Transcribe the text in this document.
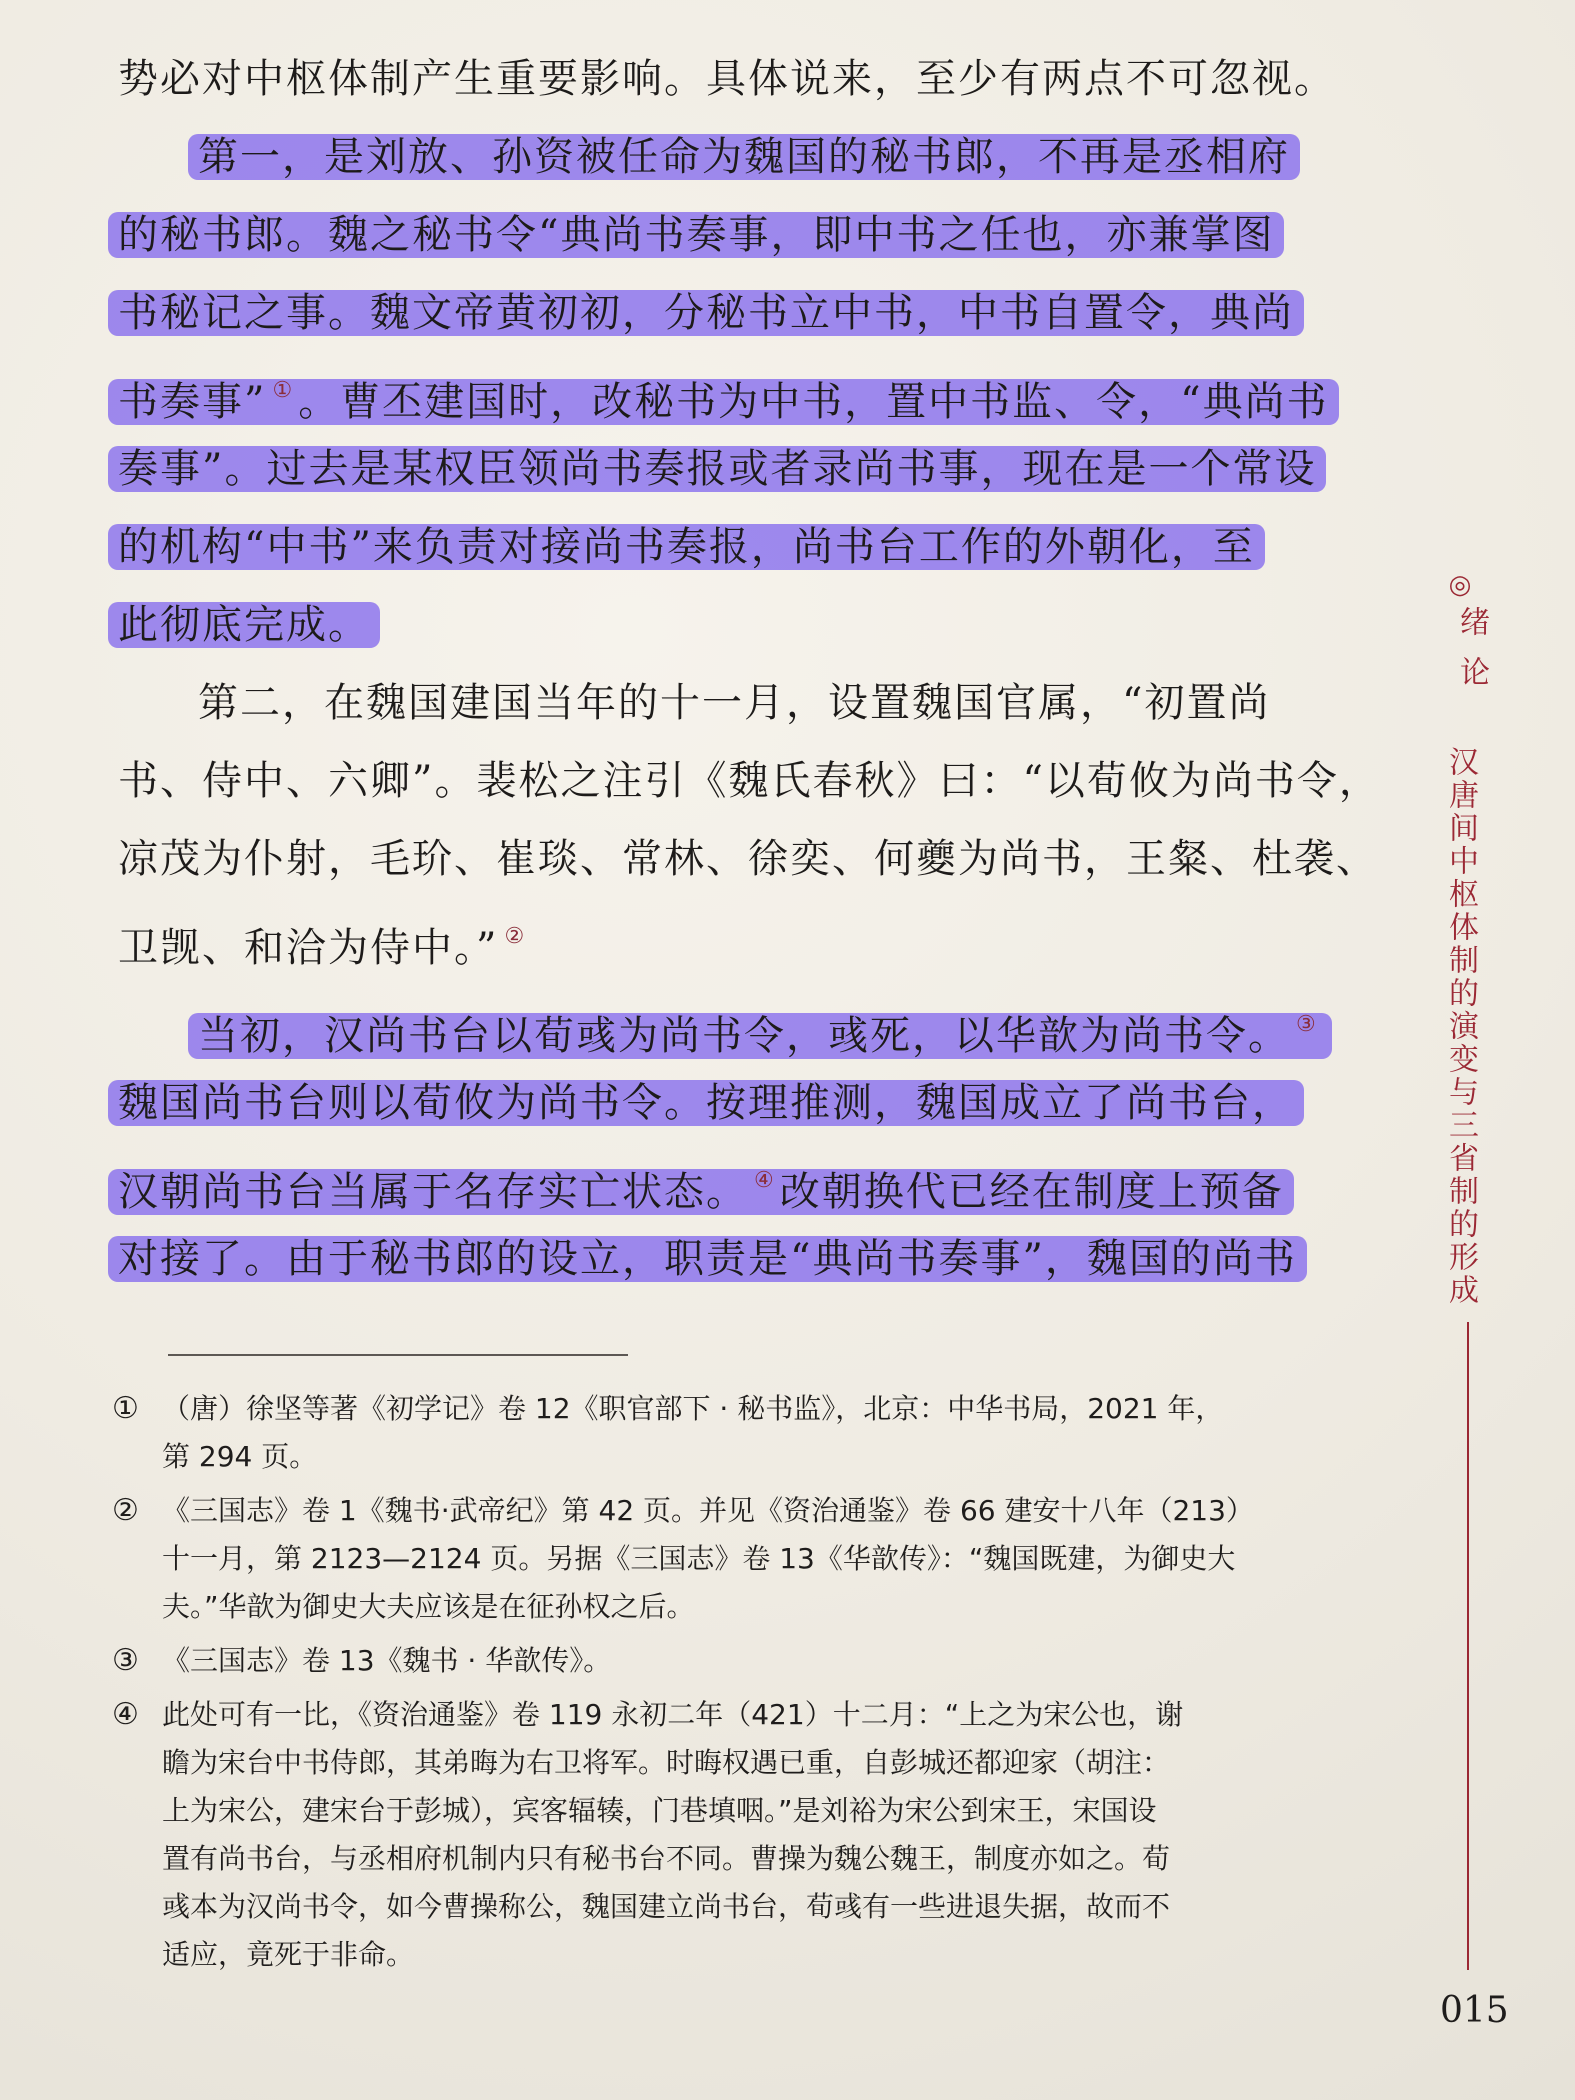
势必对中枢体制产生重要影响。具体说来，至少有两点不可忽视。
第一，是刘放、孙资被任命为魏国的秘书郎，不再是丞相府
的秘书郎。魏之秘书令“典尚书奏事，即中书之任也，亦兼掌图
书秘记之事。魏文帝黄初初，分秘书立中书，中书自置令，典尚
书奏事” ① 。曹丕建国时，改秘书为中书，置中书监、令，“典尚书
奏事”。过去是某权臣领尚书奏报或者录尚书事，现在是一个常设
的机构“中书”来负责对接尚书奏报，尚书台工作的外朝化，至
此彻底完成。
第二，在魏国建国当年的十一月，设置魏国官属，“初置尚
书、侍中、六卿”。裴松之注引《魏氏春秋》曰：“以荀攸为尚书令，
凉茂为仆射，毛玠、崔琰、常林、徐奕、何夔为尚书，王粲、杜袭、
卫觊、和洽为侍中。” ②
当初，汉尚书台以荀彧为尚书令，彧死，以华歆为尚书令。 ③
魏国尚书台则以荀攸为尚书令。按理推测，魏国成立了尚书台，
汉朝尚书台当属于名存实亡状态。 ④ 改朝换代已经在制度上预备
对接了。由于秘书郎的设立，职责是“典尚书奏事”，魏国的尚书
① （唐）徐坚等著《初学记》卷 12《职官部下 · 秘书监》，北京：中华书局，2021 年，
第 294 页。
② 《三国志》卷 1《魏书·武帝纪》第 42 页。并见《资治通鉴》卷 66 建安十八年（213）
十一月，第 2123—2124 页。另据《三国志》卷 13《华歆传》：“魏国既建，为御史大
夫。”华歆为御史大夫应该是在征孙权之后。
③ 《三国志》卷 13《魏书 · 华歆传》。
④ 此处可有一比，《资治通鉴》卷 119 永初二年（421）十二月：“上之为宋公也，谢
瞻为宋台中书侍郎，其弟晦为右卫将军。时晦权遇已重，自彭城还都迎家（胡注：
上为宋公，建宋台于彭城），宾客辐辏，门巷填咽。”是刘裕为宋公到宋王，宋国设
置有尚书台，与丞相府机制内只有秘书台不同。曹操为魏公魏王，制度亦如之。荀
彧本为汉尚书令，如今曹操称公，魏国建立尚书台，荀彧有一些进退失据，故而不
适应，竟死于非命。
◎
绪论
汉唐间中枢体制的演变与三省制的形成
015
